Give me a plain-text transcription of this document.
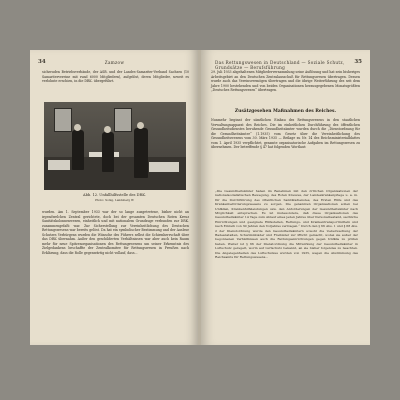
34	Zamzow

sicheruden Betriebsverbände, der ASB. und der Landes-Samariter-Verband Sachsen (10 Samaritervereine mit rund 6000 Mitgliedern), aufgelöst, deren Mitglieder, soweit es verlohnte erschien, in die DRK. übergeführt.

Abb. 12. Unfallhilfsstelle des DRK.
Photo: Sonig, Landsberg W

wurden. Am 1. September 1933 war der so lange ausgetretene, bisher nicht an irgendwelchen Zentral gerichtete, doch bei der gesamten Deutschen Roten Kreuz Sanitätskolonnenwesen, einheitlich und mit nationalem Grundzuge verbunden zur DRK. zusammengefaßt war. Zur Sicherstellung zur Vereinheitlichung des Deutschen Rettungswesens war bereits gelöst. Da hat ein symbolischer Bestimmung und der Auslese Schutzes Verbürgens wurden die Wünsche des Führers selbst die Schirmherrschaft über das DRK übernahm. Außer den geschilderten Verhältnissen war aber auch kein Raum mehr für neue Spitzenorganisationen des Rettungswesens um seiner Erkenntnis des Zielgedankens beschaffte der Zentralkomitee für Rettungswesen in Preußen nach Erklärung, dass die Rolle gegenwärtig nicht vollauf, dass...

Das Rettungswesen in Deutschland — Soziale Schutz, Grundsätze — Berufsführung
35

29. Juli 1933 abgehaltenen Mitgliederversammlung seine Auflösung und hat sein bisheriges Arbeitsgebiet an den Deutschen Zentralausschuß für Rettungswesen übertragen. Dessen wurde auch das Vereinsvermögen übertragen und die übrige Weiterführung des seit dem Jahre 1900 bestehenden und von beiden Organisationen herausgegebenen Monatsgrößten „Deutsches Rettungswesen“ übertragen.

Zusätzgesehen Maßnahmen des Reiches.

Nunmehr beginnt der sämtlichen Einbau des Rettungswesens in den staatlichen Verwaltungsapparat des Reiches. Die im einheitlichen Durchführung des öffentlichen Gesundheitsdienstes beruhende Gesundheitsämter wurden durch die „Dienstordnung für die Gesundheitsämter“ (1.1935) vom Gesetz über die Vereinheitlichung des Gesundheitswesens vom 30. März 1935 — Beilage zu Nr. 14 des Reichsministerialblattes vom 1. April 1935 verpflichtet, gesamte organisatorische Aufgaben im Rettungswesen zu übernehmen. Der betreffende § 47 hat folgenden Wortlaut:

„Die Gesundheitsämter haben im Benehmen mit den örtlichen Organisationen der nationalsozialistischen Bewegung, des Roten Kreuzes, der Landeskrankenpflege u. a. m. für die Durchführung des öffentlichen Sanitätsdienstes, des Ersten Hilfe und des Krankenbeförderungswesens zu sorgen. Die genannten Organisationen sollen bei Unfällen, Krankenhilfsleistungen usw. den Anforderungen der Gesundheitsämter nach Möglichkeit entsprechen. Es ist insbesondere, daß diese Organisationen des Gesundheitsämter 14 Tage zum Ablauf eines jeden Jahres über Personalbestand, sachliche Einrichtungen und geeignete Hilfsstellen, Rettungs- und Krankentransportmitteln und nach Einreih von 30 Jahren den Vorjahres verlöagen.“ Durch den § 66 Abs. 1 und § 68 Abs. 2 der Dienstordnung wurde den Gesundheitsämtern sowohl die Ueberwachung der Badeanstalten, Schwimmbäder und Freibäder zur Pflicht gemacht, wobei sie außer der begonnenen Verhältnissen auch die Rettungseinrichtungen gegen Unfälle zu prüfen haben. Weiter ist § 66 der Dienstordnung die Mitwirkung der Gesundheitsämter in Luftschutz geregelt, worin auf Luftschutz bekannt, an sie bisher folgendes zu beachten. Die Angelegenheiten des Luftschutzes wurden von 1935, wegen die Abstimmung des Reichsamts für Rettungswesens...
